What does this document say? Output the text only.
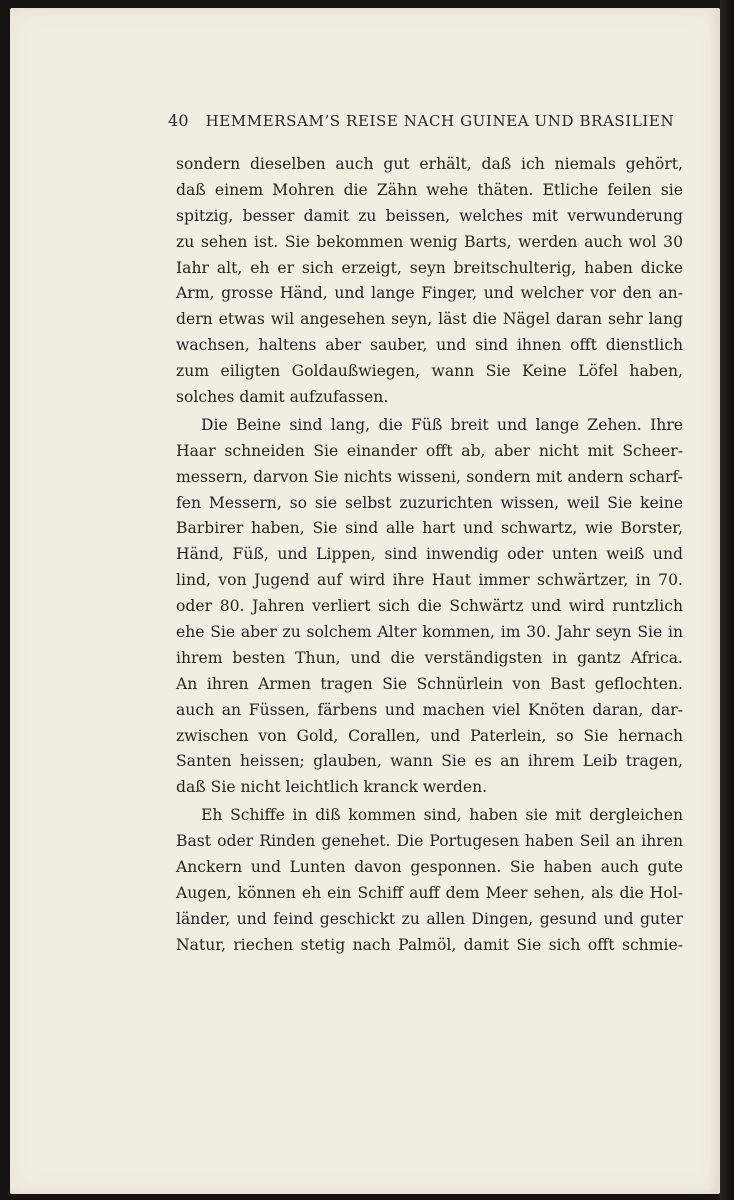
40 HEMMERSAM’S REISE NACH GUINEA UND BRASILIEN
sondern dieselben auch gut erhält, daß ich niemals gehört,
daß einem Mohren die Zähn wehe thäten. Etliche feilen sie
spitzig, besser damit zu beissen, welches mit verwunderung
zu sehen ist. Sie bekommen wenig Barts, werden auch wol 30
Iahr alt, eh er sich erzeigt, seyn breitschulterig, haben dicke
Arm, grosse Händ, und lange Finger, und welcher vor den an-
dern etwas wil angesehen seyn, läst die Nägel daran sehr lang
wachsen, haltens aber sauber, und sind ihnen offt dienstlich
zum eiligten Goldaußwiegen, wann Sie Keine Löfel haben,
solches damit aufzufassen.
Die Beine sind lang, die Füß breit und lange Zehen. Ihre
Haar schneiden Sie einander offt ab, aber nicht mit Scheer-
messern, darvon Sie nichts wisseni, sondern mit andern scharf-
fen Messern, so sie selbst zuzurichten wissen, weil Sie keine
Barbirer haben, Sie sind alle hart und schwartz, wie Borster,
Händ, Füß, und Lippen, sind inwendig oder unten weiß und
lind, von Jugend auf wird ihre Haut immer schwärtzer, in 70.
oder 80. Jahren verliert sich die Schwärtz und wird runtzlich
ehe Sie aber zu solchem Alter kommen, im 30. Jahr seyn Sie in
ihrem besten Thun, und die verständigsten in gantz Africa.
An ihren Armen tragen Sie Schnürlein von Bast geflochten.
auch an Füssen, färbens und machen viel Knöten daran, dar-
zwischen von Gold, Corallen, und Paterlein, so Sie hernach
Santen heissen; glauben, wann Sie es an ihrem Leib tragen,
daß Sie nicht leichtlich kranck werden.
Eh Schiffe in diß kommen sind, haben sie mit dergleichen
Bast oder Rinden genehet. Die Portugesen haben Seil an ihren
Anckern und Lunten davon gesponnen. Sie haben auch gute
Augen, können eh ein Schiff auff dem Meer sehen, als die Hol-
länder, und feind geschickt zu allen Dingen, gesund und guter
Natur, riechen stetig nach Palmöl, damit Sie sich offt schmie-
